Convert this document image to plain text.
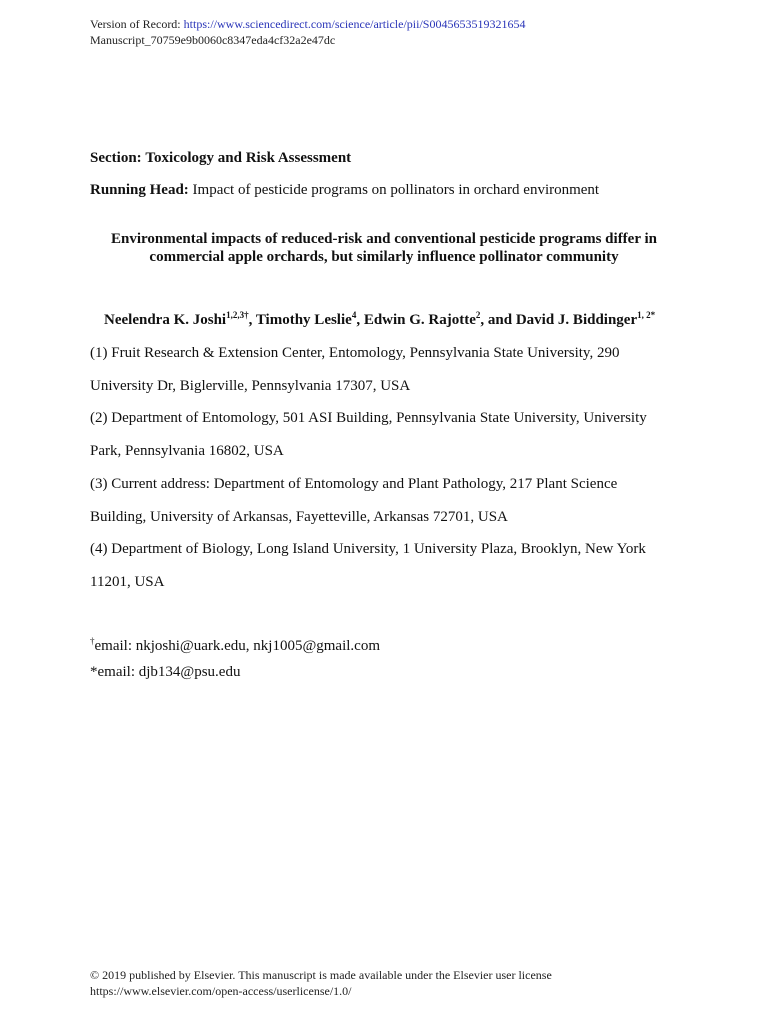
Version of Record: https://www.sciencedirect.com/science/article/pii/S0045653519321654
Manuscript_70759e9b0060c8347eda4cf32a2e47dc
Section: Toxicology and Risk Assessment
Running Head: Impact of pesticide programs on pollinators in orchard environment
Environmental impacts of reduced-risk and conventional pesticide programs differ in
commercial apple orchards, but similarly influence pollinator community
Neelendra K. Joshi$^{1,2,3\dagger}$, Timothy Leslie$^4$, Edwin G. Rajotte$^2$, and David J. Biddinger$^{1, 2*}$
(1) Fruit Research & Extension Center, Entomology, Pennsylvania State University, 290
University Dr, Biglerville, Pennsylvania 17307, USA
(2) Department of Entomology, 501 ASI Building, Pennsylvania State University, University
Park, Pennsylvania 16802, USA
(3) Current address: Department of Entomology and Plant Pathology, 217 Plant Science
Building, University of Arkansas, Fayetteville, Arkansas 72701, USA
(4) Department of Biology, Long Island University, 1 University Plaza, Brooklyn, New York
11201, USA
†email: nkjoshi@uark.edu, nkj1005@gmail.com
*email: djb134@psu.edu
© 2019 published by Elsevier. This manuscript is made available under the Elsevier user license
https://www.elsevier.com/open-access/userlicense/1.0/
